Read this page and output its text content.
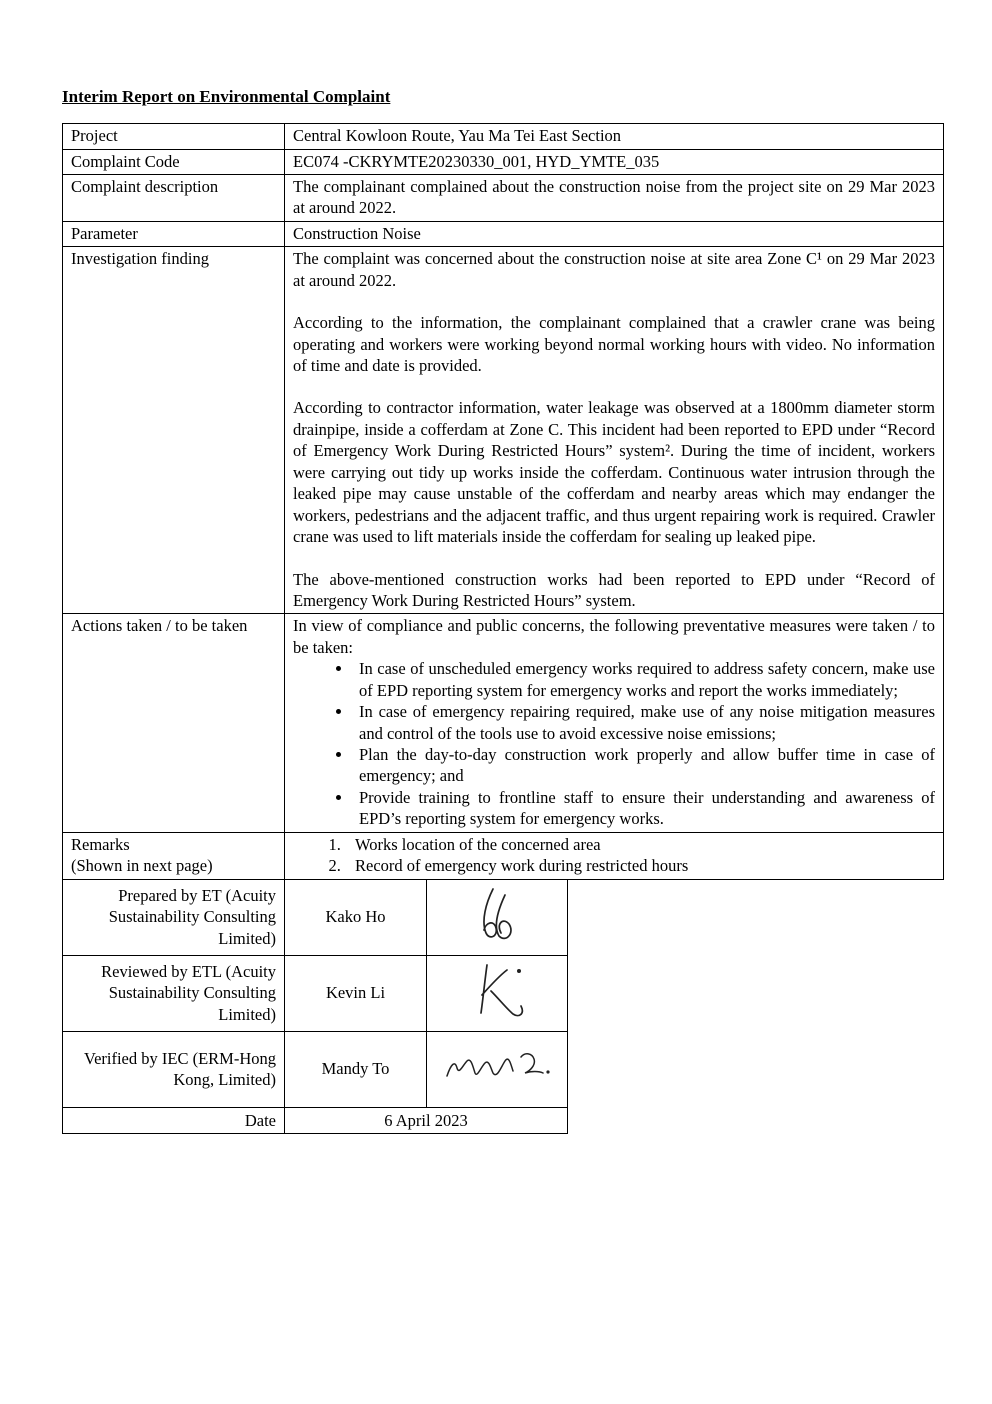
Interim Report on Environmental Complaint
Project	Central Kowloon Route, Yau Ma Tei East Section
Complaint Code	EC074 -CKRYMTE20230330_001, HYD_YMTE_035
Complaint description	The complainant complained about the construction noise from the project site on 29 Mar 2023 at around 2022.
Parameter	Construction Noise
Investigation finding	The complaint was concerned about the construction noise at site area Zone C¹ on 29 Mar 2023 at around 2022.

According to the information, the complainant complained that a crawler crane was being operating and workers were working beyond normal working hours with video. No information of time and date is provided.

According to contractor information, water leakage was observed at a 1800mm diameter storm drainpipe, inside a cofferdam at Zone C. This incident had been reported to EPD under “Record of Emergency Work During Restricted Hours” system². During the time of incident, workers were carrying out tidy up works inside the cofferdam. Continuous water intrusion through the leaked pipe may cause unstable of the cofferdam and nearby areas which may endanger the workers, pedestrians and the adjacent traffic, and thus urgent repairing work is required. Crawler crane was used to lift materials inside the cofferdam for sealing up leaked pipe.

The above-mentioned construction works had been reported to EPD under “Record of Emergency Work During Restricted Hours” system.

Actions taken / to be taken	In view of compliance and public concerns, the following preventative measures were taken / to be taken:

• In case of unscheduled emergency works required to address safety concern, make use of EPD reporting system for emergency works and report the works immediately;
• In case of emergency repairing required, make use of any noise mitigation measures and control of the tools use to avoid excessive noise emissions;
• Plan the day-to-day construction work properly and allow buffer time in case of emergency; and
• Provide training to frontline staff to ensure their understanding and awareness of EPD’s reporting system for emergency works.

Remarks
(Shown in next page)

1. Works location of the concerned area
2. Record of emergency work during restricted hours
Prepared by ET (Acuity Sustainability Consulting Limited)	Kako Ho	
Reviewed by ETL (Acuity Sustainability Consulting Limited)	Kevin Li	
Verified by IEC (ERM-Hong Kong, Limited)	Mandy To	
Date	6 April 2023	
